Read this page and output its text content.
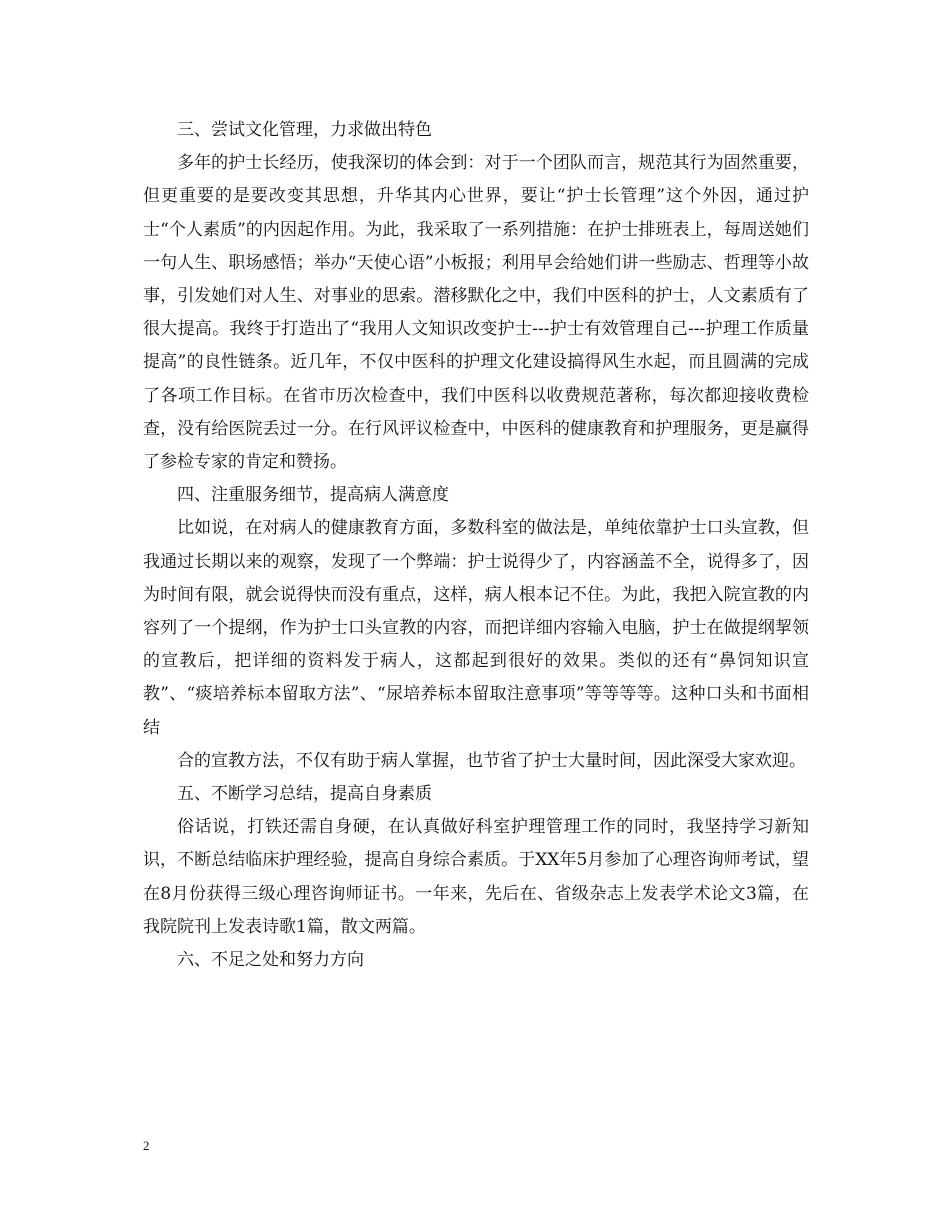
三、尝试文化管理，力求做出特色

多年的护士长经历，使我深切的体会到：对于一个团队而言，规范其行为固然重要，但更重要的是要改变其思想，升华其内心世界，要让“护士长管理”这个外因，通过护士“个人素质”的内因起作用。为此，我采取了一系列措施：在护士排班表上，每周送她们一句人生、职场感悟；举办“天使心语”小板报；利用早会给她们讲一些励志、哲理等小故事，引发她们对人生、对事业的思索。潜移默化之中，我们中医科的护士，人文素质有了很大提高。我终于打造出了“我用人文知识改变护士---护士有效管理自己---护理工作质量提高”的良性链条。近几年，不仅中医科的护理文化建设搞得风生水起，而且圆满的完成了各项工作目标。在省市历次检查中，我们中医科以收费规范著称，每次都迎接收费检查，没有给医院丢过一分。在行风评议检查中，中医科的健康教育和护理服务，更是赢得了参检专家的肯定和赞扬。

四、注重服务细节，提高病人满意度

比如说，在对病人的健康教育方面，多数科室的做法是，单纯依靠护士口头宣教，但我通过长期以来的观察，发现了一个弊端：护士说得少了，内容涵盖不全，说得多了，因为时间有限，就会说得快而没有重点，这样，病人根本记不住。为此，我把入院宣教的内容列了一个提纲，作为护士口头宣教的内容，而把详细内容输入电脑，护士在做提纲挈领的宣教后，把详细的资料发于病人，这都起到很好的效果。类似的还有“鼻饲知识宣教”、“痰培养标本留取方法”、“尿培养标本留取注意事项”等等等等。这种口头和书面相结

合的宣教方法，不仅有助于病人掌握，也节省了护士大量时间，因此深受大家欢迎。

五、不断学习总结，提高自身素质

俗话说，打铁还需自身硬，在认真做好科室护理管理工作的同时，我坚持学习新知识，不断总结临床护理经验，提高自身综合素质。于XX年5月参加了心理咨询师考试，望在8月份获得三级心理咨询师证书。一年来，先后在、省级杂志上发表学术论文3篇，在我院院刊上发表诗歌1篇，散文两篇。

六、不足之处和努力方向

2
